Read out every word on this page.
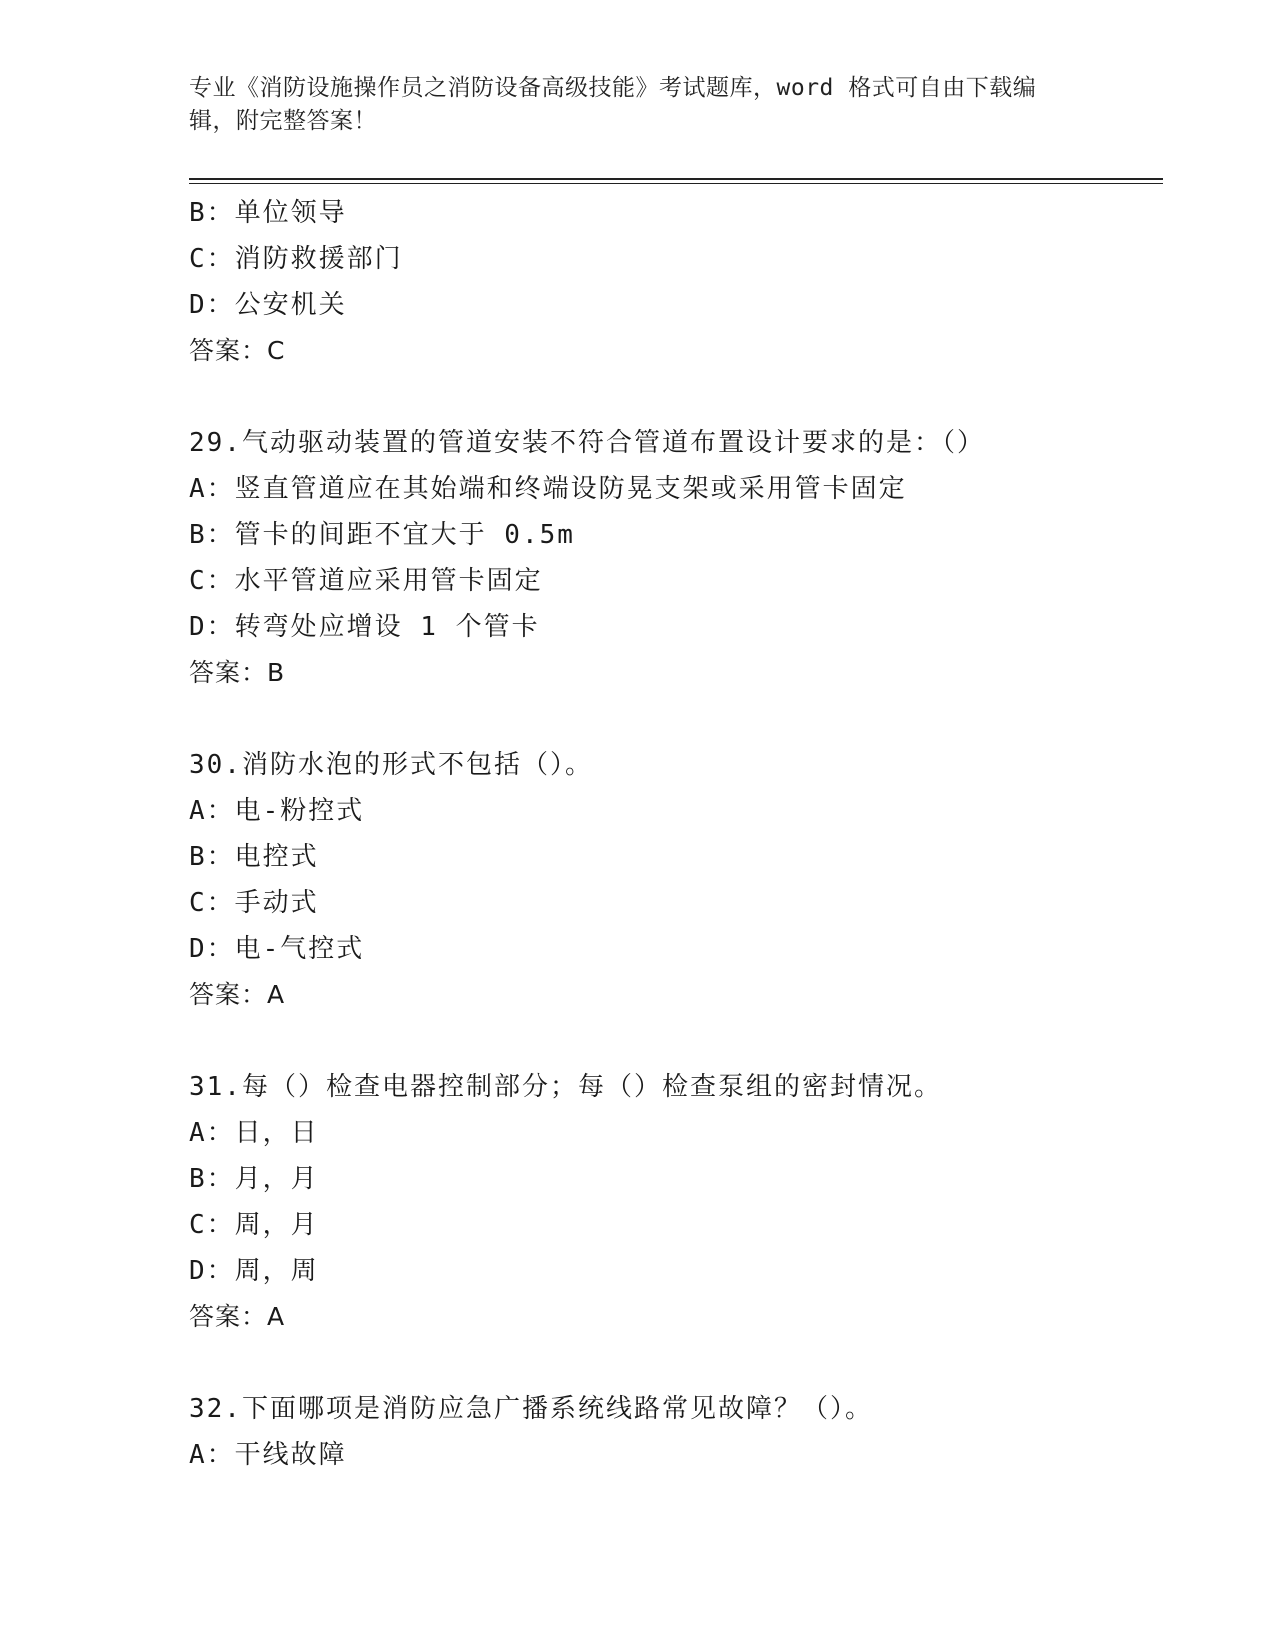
专业《消防设施操作员之消防设备高级技能》考试题库，word 格式可自由下载编
辑，附完整答案！
B：单位领导
C：消防救援部门
D：公安机关
答案：C
29.气动驱动装置的管道安装不符合管道布置设计要求的是：（）
A：竖直管道应在其始端和终端设防晃支架或采用管卡固定
B：管卡的间距不宜大于 0.5m
C：水平管道应采用管卡固定
D：转弯处应增设 1 个管卡
答案：B
30.消防水泡的形式不包括（）。
A：电-粉控式
B：电控式
C：手动式
D：电-气控式
答案：A
31.每（）检查电器控制部分；每（）检查泵组的密封情况。
A：日，日
B：月，月
C：周，月
D：周，周
答案：A
32.下面哪项是消防应急广播系统线路常见故障？（）。
A：干线故障
